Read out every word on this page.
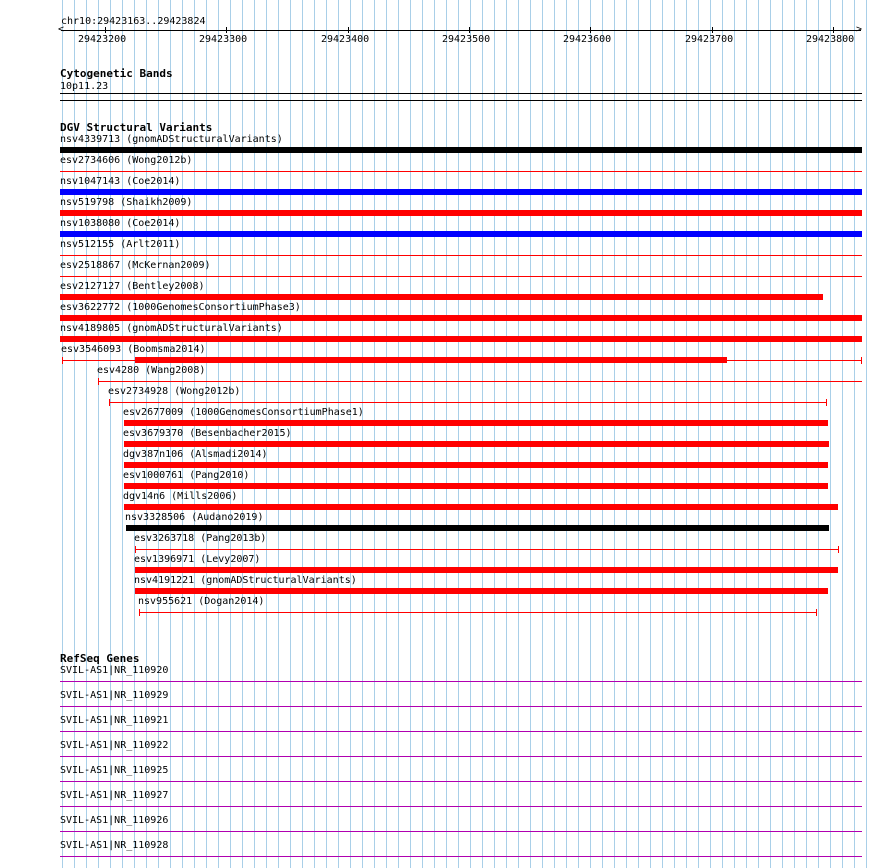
chr10:29423163..29423824
<	>
29423200	29423300	29423400	29423500	29423600	29423700	29423800
Cytogenetic Bands
10p11.23
DGV Structural Variants
nsv4339713 (gnomADStructuralVariants)
esv2734606 (Wong2012b)
nsv1047143 (Coe2014)
nsv519798 (Shaikh2009)
nsv1038080 (Coe2014)
nsv512155 (Arlt2011)
esv2518867 (McKernan2009)
esv2127127 (Bentley2008)
esv3622772 (1000GenomesConsortiumPhase3)
nsv4189805 (gnomADStructuralVariants)
esv3546093 (Boomsma2014)
esv4280 (Wang2008)
esv2734928 (Wong2012b)
esv2677009 (1000GenomesConsortiumPhase1)
esv3679370 (Besenbacher2015)
dgv387n106 (Alsmadi2014)
esv1000761 (Pang2010)
dgv14n6 (Mills2006)
nsv3328506 (Audano2019)
esv3263718 (Pang2013b)
esv1396971 (Levy2007)
nsv4191221 (gnomADStructuralVariants)
nsv955621 (Dogan2014)
RefSeq Genes
SVIL-AS1|NR_110920
SVIL-AS1|NR_110929
SVIL-AS1|NR_110921
SVIL-AS1|NR_110922
SVIL-AS1|NR_110925
SVIL-AS1|NR_110927
SVIL-AS1|NR_110926
SVIL-AS1|NR_110928
